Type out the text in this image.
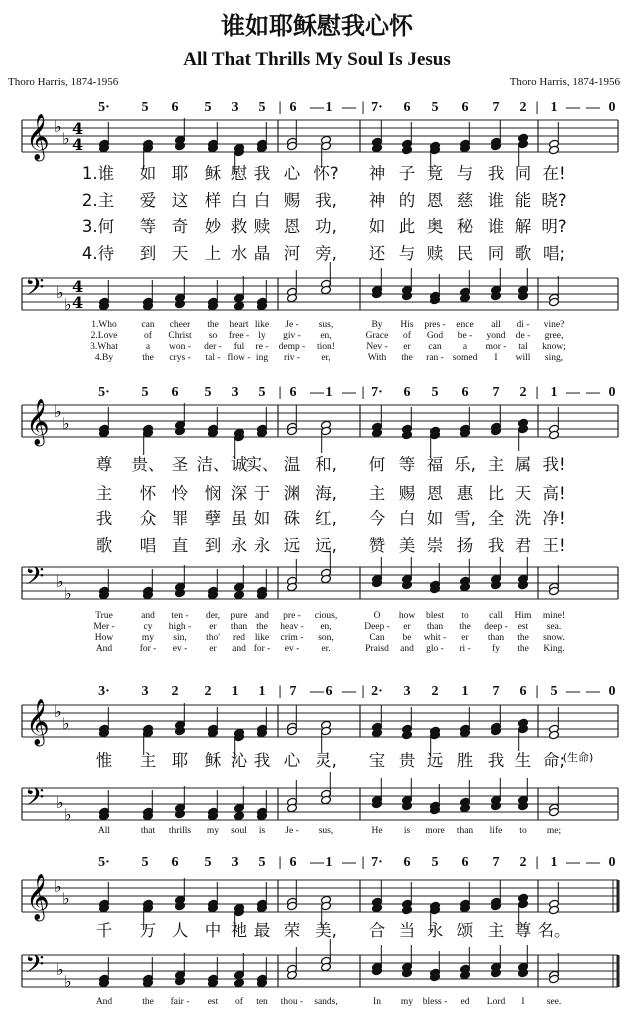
谁如耶稣慰我心怀
All That Thrills My Soul Is Jesus
Thoro Harris, 1874-1956	Thoro Harris, 1874-1956
5· 5 6 5 3 5 | 6 — 1 — | 7· 6 5 6 7 2 | 1 — — 0
𝄞 ♭
♭
4
4
1.谁 如 耶 稣 慰 我 心 怀? 神 子 竟 与 我 同 在!
2.主 爱 这 样 白 白 赐 我, 神 的 恩 慈 谁 能 晓?
3.何 等 奇 妙 救 赎 恩 功, 如 此 奥 秘 谁 解 明?
4.待 到 天 上 水 晶 河 旁, 还 与 赎 民 同 歌 唱;
𝄢 ♭
♭
4
4
1.Who	can cheer the heart like Je - sus,	By His pres - ence all di - vine?
2.Love	of Christ so free - ly giv - en,	Grace of God be - yond de - gree,
3.What	a won - der - ful re - demp - tion!	Nev - er can a mor - tal know;
4.By	the crys - tal - flow - ing riv - er,	With the ran - somed I will sing,
5· 5 6 5 3 5 | 6 — 1 — | 7· 6 5 6 7 2 | 1 — — 0
𝄞 ♭
♭
尊 贵、 圣 洁、 诚
实、 温 和, 何 等 福 乐, 主 属 我!
主 怀 怜 悯 深 于 渊 海, 主 赐 恩 惠 比 天 高!
我 众 罪 孽 虽 如 硃 红, 今 白 如 雪, 全 洗 净!
歌 唱 直 到 永 永 远 远, 赞 美 崇 扬 我 君 王!
𝄢 ♭
♭
True	and ten - der, pure and pre - cious,	O how blest to call Him mine!
Mer -	cy high - er than the heav - en,	Deep - er than the deep - est sea.
How	my sin, tho' red like crim - son,	Can be whit - er than the snow.
And	for - ev - er and for - ev - er.	Praisd and glo - ri - fy the King.
3· 3 2 2 1 1 | 7 — 6 — | 2· 3 2 1 7 6 | 5 — — 0
𝄞 ♭
♭
惟 主 耶 稣 沁 我 心 灵, 宝 贵 远 胜 我 生 命;
(生命)
𝄢 ♭
♭
All	that thrills my soul is Je - sus,	He is more than life to me;
5· 5 6 5 3 5 | 6 — 1 — | 7· 6 5 6 7 2 | 1 — — 0
𝄞 ♭
♭
千 万 人 中 祂 最 荣 美, 合 当 永 颂 主 尊 名。
𝄢 ♭
♭
And	the fair - est of ten thou - sands,	In my bless - ed Lord I see.
